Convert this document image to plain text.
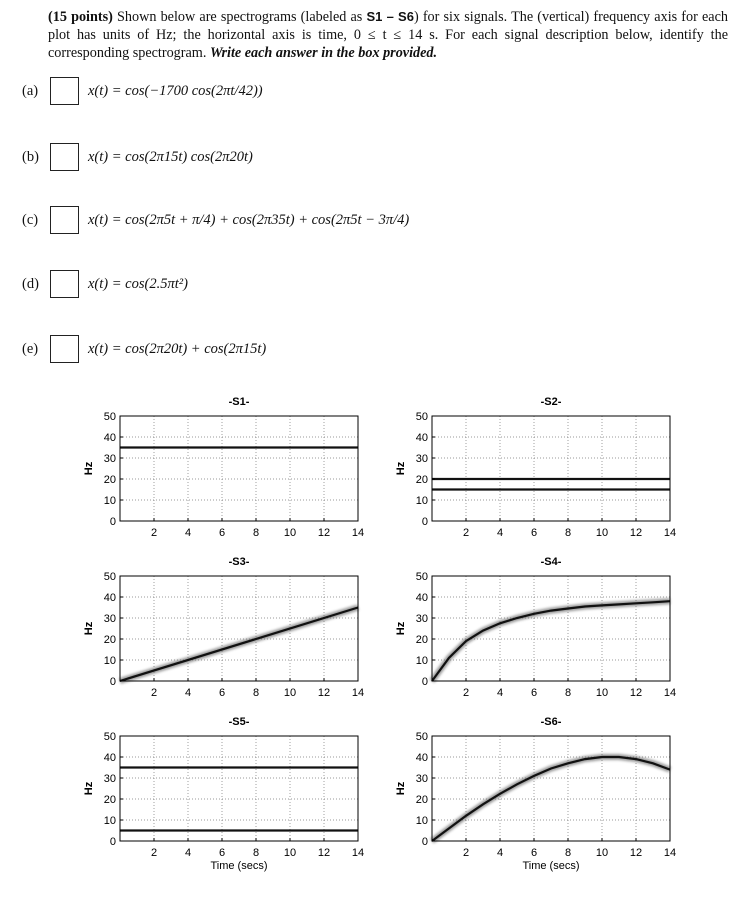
(15 points) Shown below are spectrograms (labeled as S1 – S6) for six signals. The (vertical) frequency axis for each plot has units of Hz; the horizontal axis is time, 0 ≤ t ≤ 14 s. For each signal description below, identify the corresponding spectrogram. Write each answer in the box provided.
(a)	x(t) = cos(−1700 cos(2πt/42))
(b)	x(t) = cos(2π15t) cos(2π20t)
(c)	x(t) = cos(2π5t + π/4) + cos(2π35t) + cos(2π5t − 3π/4)
(d)	x(t) = cos(2.5πt²)
(e)	x(t) = cos(2π20t) + cos(2π15t)
2	4	6	8 10 12 14
0
10
20
30
40
50
-S1-
Hz
2	4	6	8 10 12 14
0
10
20
30
40
50
-S2-
Hz
2	4	6	8 10 12 14
0
10
20
30
40
50
-S3-
Hz
2	4	6	8 10 12 14
0
10
20
30
40
50
-S4-
Hz
2	4	6	8 10 12 14
0
10
20
30
40
50
-S5-
Hz
Time (secs)
2	4	6	8 10 12 14
0
10
20
30
40
50
-S6-
Hz
Time (secs)
